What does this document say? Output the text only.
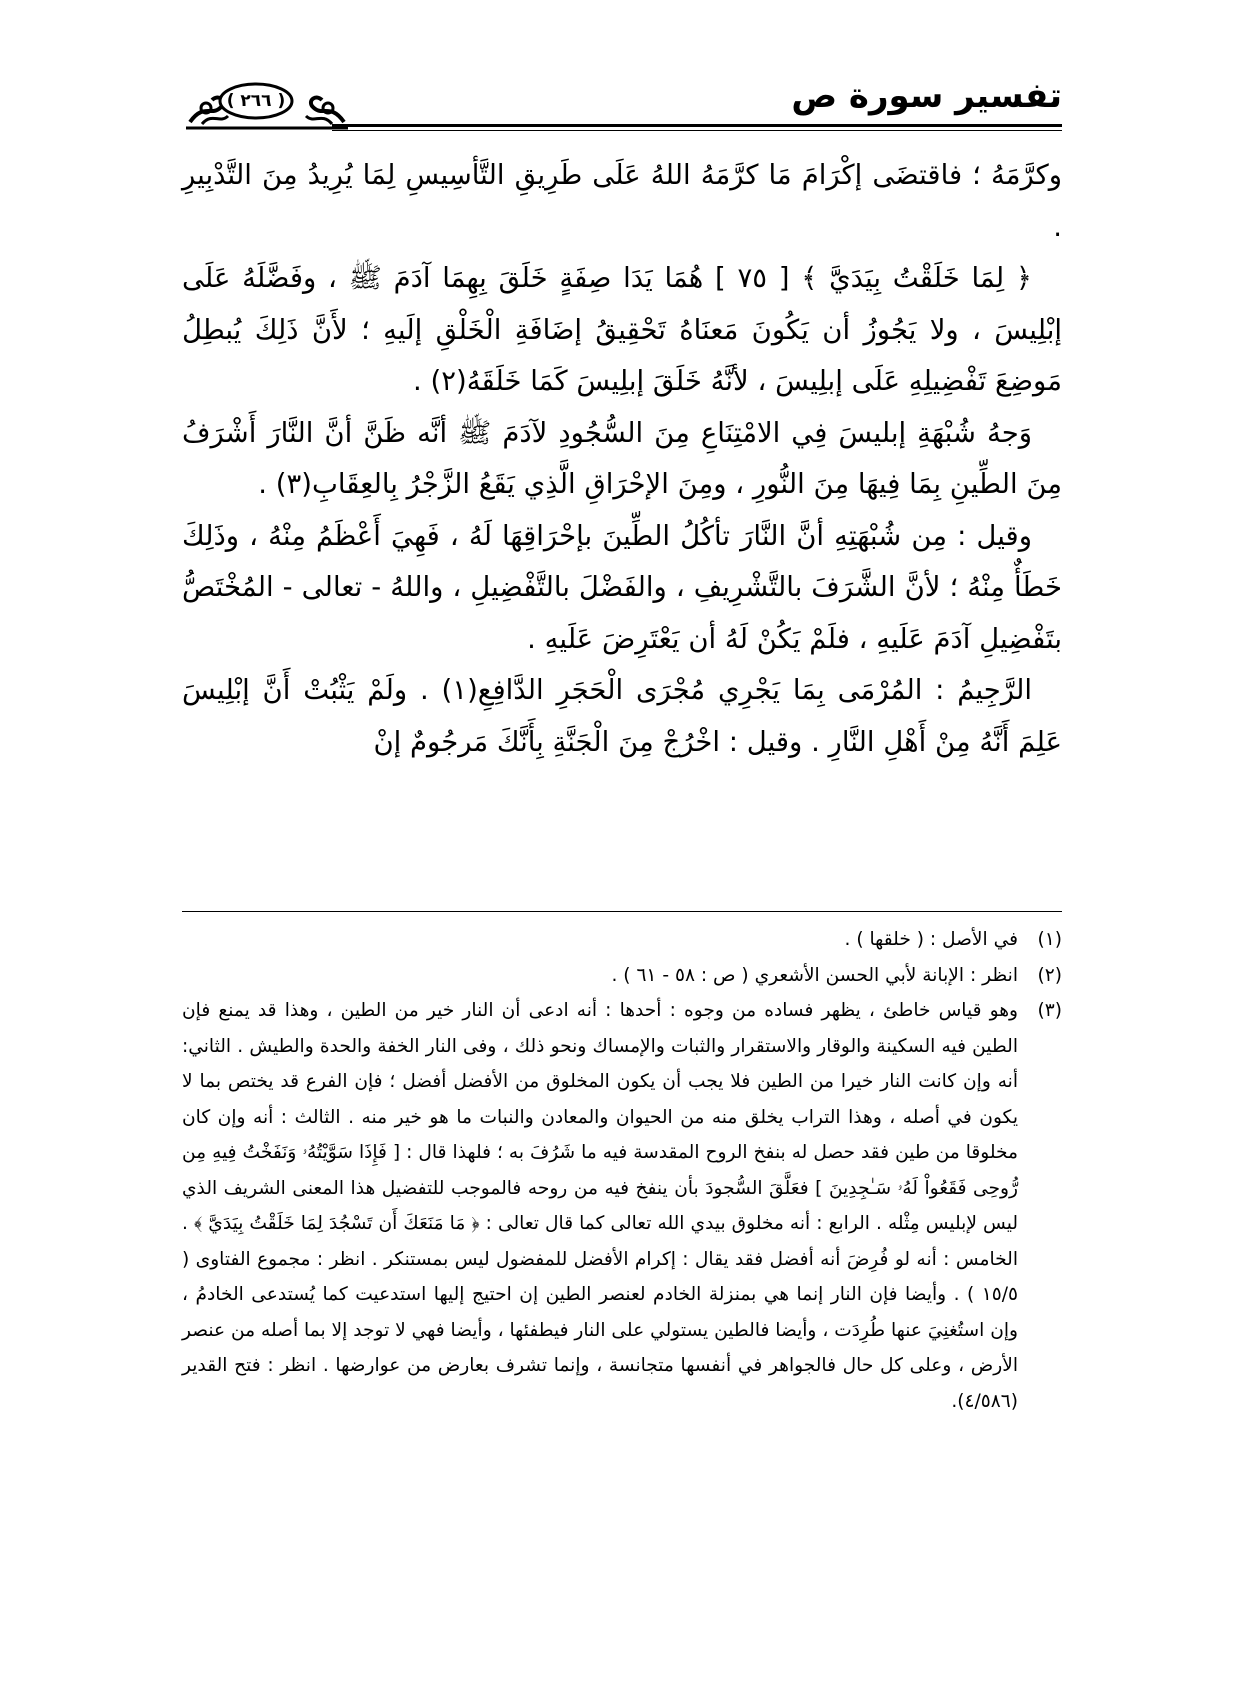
تفسير سورة ص
( ٢٦٦ )

وكرَّمَهُ ؛ فاقتضَى إكْرَامَ مَا كرَّمَهُ اللهُ عَلَى طَرِيقِ التَّأسِيسِ لِمَا يُرِيدُ مِنَ التَّدْبِيرِ .

﴿ لِمَا خَلَقْتُ بِيَدَيَّ ﴾ [ ٧٥ ] هُمَا يَدَا صِفَةٍ خَلَقَ بِهِمَا آدَمَ ﷺ ، وفَضَّلَهُ عَلَى إبْلِيسَ ، ولا يَجُوزُ أن يَكُونَ مَعنَاهُ تَحْقِيقُ إضَافَةِ الْخَلْقِ إلَيهِ ؛ لأَنَّ ذَلِكَ يُبطِلُ مَوضِعَ تَفْضِيلِهِ عَلَى إبلِيسَ ، لأنَّهُ خَلَقَ إبلِيسَ كَمَا خَلَقَهُ(٢) .

وَجهُ شُبْهَةِ إبليسَ فِي الامْتِنَاعِ مِنَ السُّجُودِ لآدَمَ ﷺ أنَّه ظَنَّ أنَّ النَّارَ أَشْرَفُ مِنَ الطِّينِ بِمَا فِيهَا مِنَ النُّورِ ، ومِنَ الإحْرَاقِ الَّذِي يَقَعُ الزَّجْرُ بِالعِقَابِ(٣) .

وقيل : مِن شُبْهَتِهِ أنَّ النَّارَ تأكُلُ الطِّينَ بإحْرَاقِهَا لَهُ ، فَهِيَ أَعْظَمُ مِنْهُ ، وذَلِكَ خَطَأٌ مِنْهُ ؛ لأنَّ الشَّرَفَ بالتَّشْرِيفِ ، والفَضْلَ بالتَّفْضِيلِ ، واللهُ - تعالى - المُخْتَصُّ بتَفْضِيلِ آدَمَ عَلَيهِ ، فلَمْ يَكُنْ لَهُ أن يَعْتَرِضَ عَلَيهِ .

الرَّجِيمُ : المُرْمَى بِمَا يَجْرِي مُجْرَى الْحَجَرِ الدَّافِعِ(١) . ولَمْ يَثْبُتْ أَنَّ إبْلِيسَ عَلِمَ أَنَّهُ مِنْ أَهْلِ النَّارِ . وقيل : اخْرُجْ مِنَ الْجَنَّةِ بِأَنَّكَ مَرجُومٌ إنْ

(١)في الأصل : ( خلقها ) .

(٢)انظر : الإبانة لأبي الحسن الأشعري ( ص : ٥٨ - ٦١ ) .

(٣)وهو قياس خاطئ ، يظهر فساده من وجوه : أحدها : أنه ادعى أن النار خير من الطين ، وهذا قد يمنع فإن الطين فيه السكينة والوقار والاستقرار والثبات والإمساك ونحو ذلك ، وفى النار الخفة والحدة والطيش . الثاني: أنه وإن كانت النار خيرا من الطين فلا يجب أن يكون المخلوق من الأفضل أفضل ؛ فإن الفرع قد يختص بما لا يكون في أصله ، وهذا التراب يخلق منه من الحيوان والمعادن والنبات ما هو خير منه . الثالث : أنه وإن كان مخلوقا من طين فقد حصل له بنفخ الروح المقدسة فيه ما شَرُفَ به ؛ فلهذا قال : [ فَإِذَا سَوَّيْتُهُۥ وَنَفَخْتُ فِيهِ مِن رُّوحِى فَقَعُواْ لَهُۥ سَـٰجِدِينَ ] فعَلَّقَ السُّجودَ بأن ينفخ فيه من روحه فالموجب للتفضيل هذا المعنى الشريف الذي ليس لإبليس مِثْله . الرابع : أنه مخلوق بيدي الله تعالى كما قال تعالى : ﴿ مَا مَنَعَكَ أَن تَسْجُدَ لِمَا خَلَقْتُ بِيَدَيَّ ﴾ . الخامس : أنه لو فُرِضَ أنه أفضل فقد يقال : إكرام الأفضل للمفضول ليس بمستنكر . انظر : مجموع الفتاوى ( ١٥/٥ ) . وأيضا فإن النار إنما هي بمنزلة الخادم لعنصر الطين إن احتيج إليها استدعيت كما يُستدعى الخادمُ ، وإن استُغنِيَ عنها طُرِدَت ، وأيضا فالطين يستولي على النار فيطفئها ، وأيضا فهي لا توجد إلا بما أصله من عنصر الأرض ، وعلى كل حال فالجواهر في أنفسها متجانسة ، وإنما تشرف بعارض من عوارضها . انظر : فتح القدير (٤/٥٨٦).
